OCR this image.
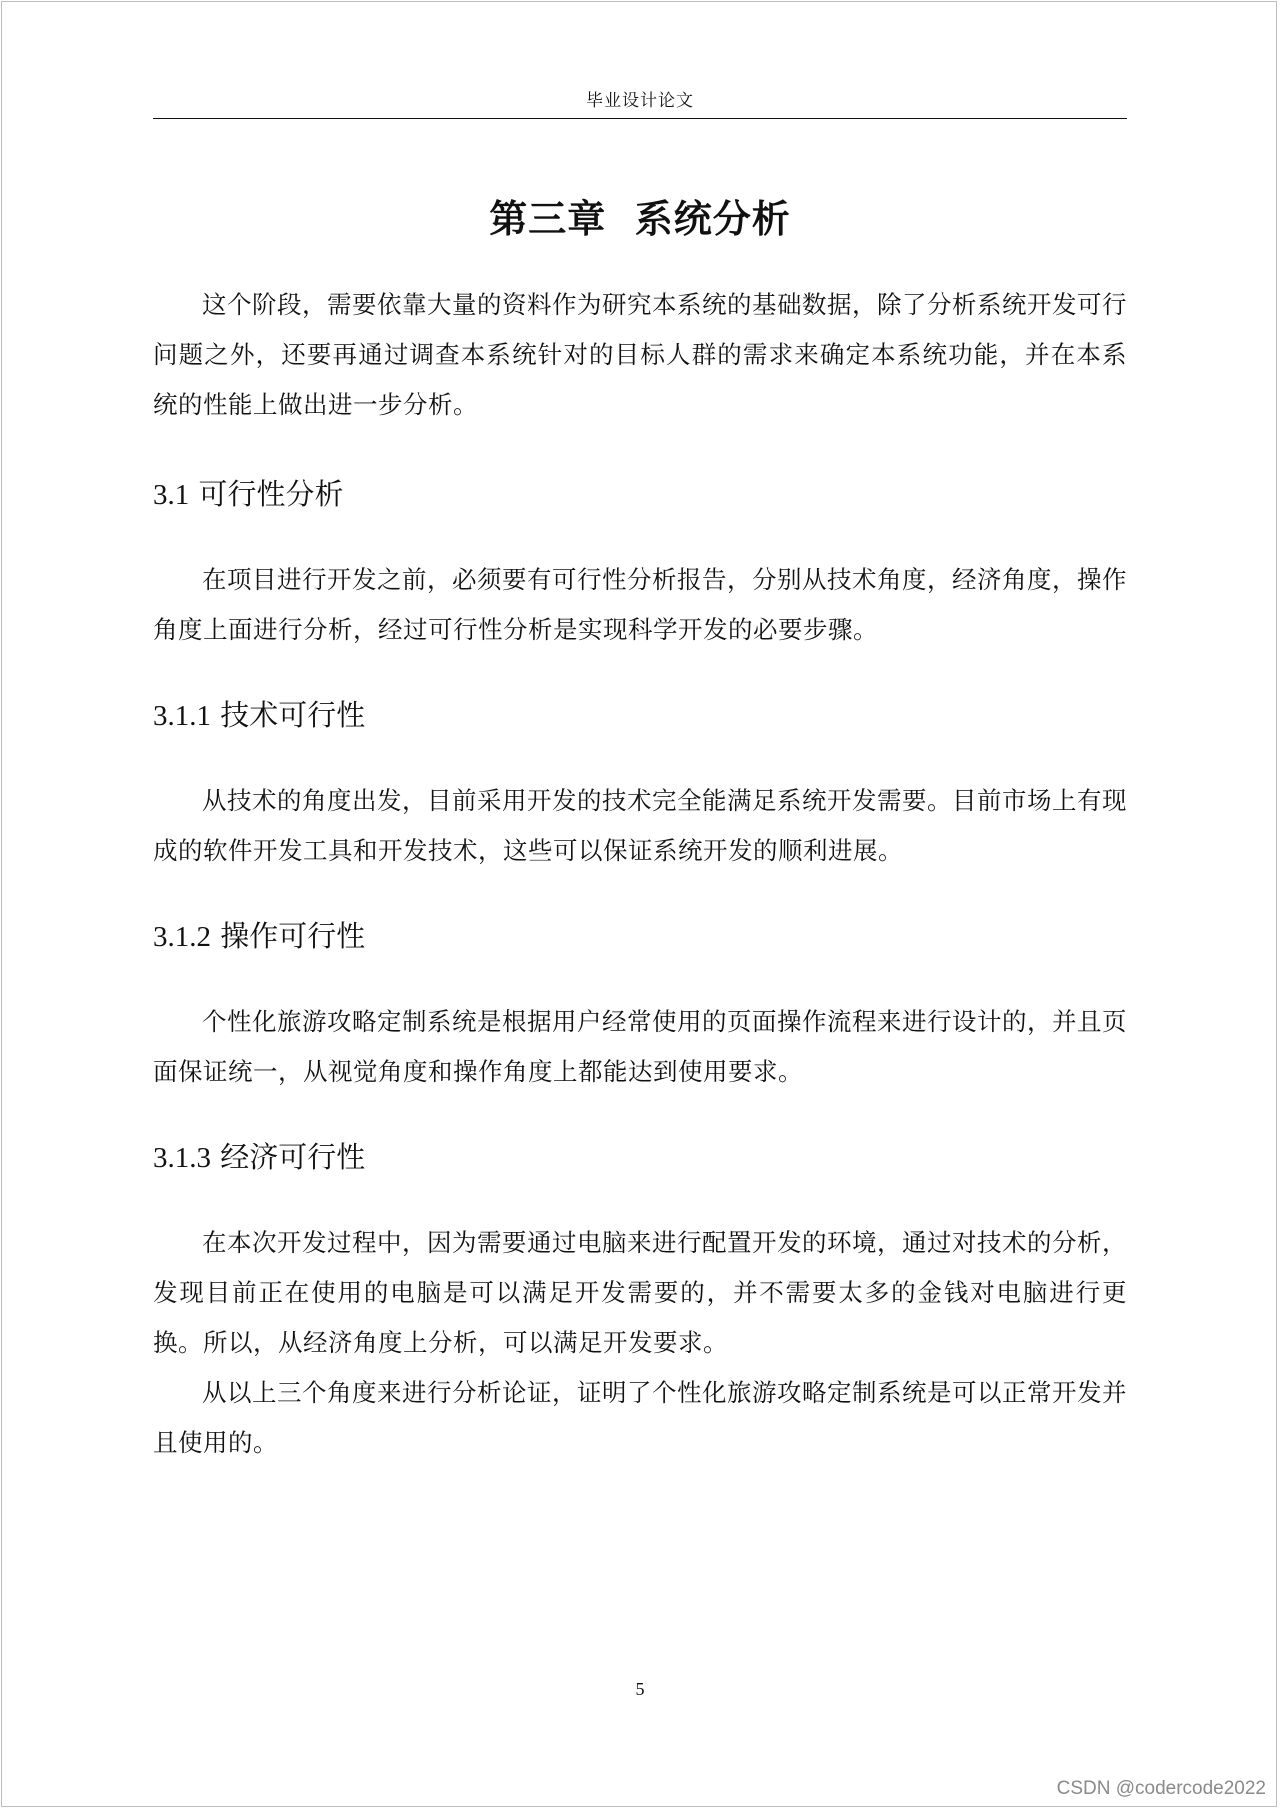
毕业设计论文
第三章  系统分析

这个阶段，需要依靠大量的资料作为研究本系统的基础数据，除了分析系统开发可行问题之外，还要再通过调查本系统针对的目标人群的需求来确定本系统功能，并在本系统的性能上做出进一步分析。

3.1 可行性分析

在项目进行开发之前，必须要有可行性分析报告，分别从技术角度，经济角度，操作角度上面进行分析，经过可行性分析是实现科学开发的必要步骤。

3.1.1 技术可行性

从技术的角度出发，目前采用开发的技术完全能满足系统开发需要。目前市场上有现成的软件开发工具和开发技术，这些可以保证系统开发的顺利进展。

3.1.2 操作可行性

个性化旅游攻略定制系统是根据用户经常使用的页面操作流程来进行设计的，并且页面保证统一，从视觉角度和操作角度上都能达到使用要求。

3.1.3 经济可行性

在本次开发过程中，因为需要通过电脑来进行配置开发的环境，通过对技术的分析，发现目前正在使用的电脑是可以满足开发需要的，并不需要太多的金钱对电脑进行更换。所以，从经济角度上分析，可以满足开发要求。

从以上三个角度来进行分析论证，证明了个性化旅游攻略定制系统是可以正常开发并且使用的。

5
CSDN @codercode2022
